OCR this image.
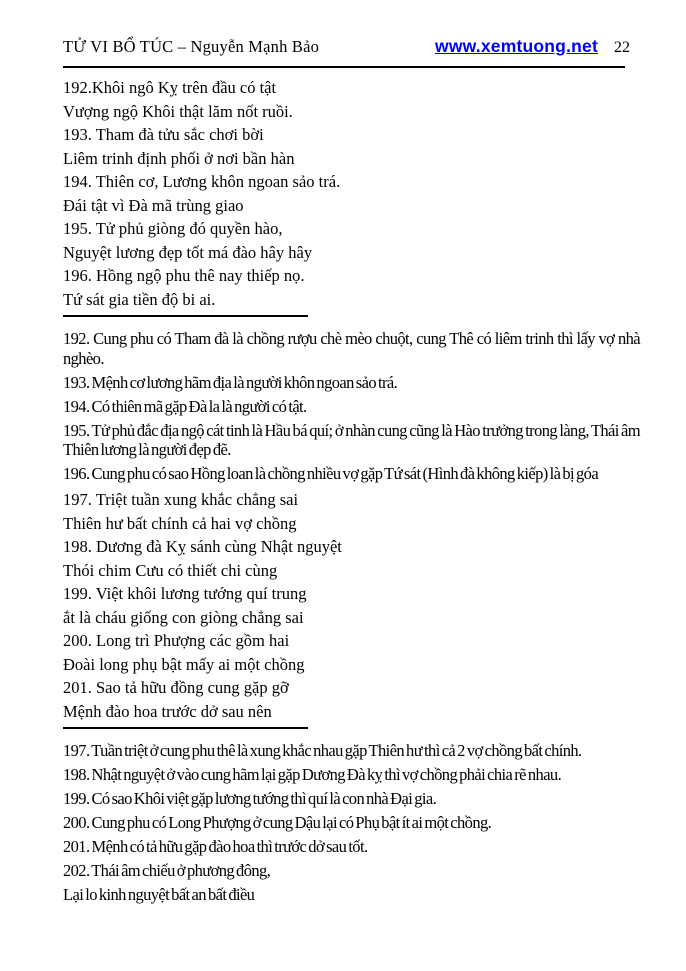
TỬ VI BỔ TÚC – Nguyễn Mạnh Bảo	www.xemtuong.net 22

192.Khôi ngô Kỵ trên đầu có tật

Vượng ngộ Khôi thật lăm nốt ruồi.

193. Tham đà tửu sắc chơi bời

Liêm trinh định phối ở nơi bần hàn

194. Thiên cơ, Lương khôn ngoan sảo trá.

Đái tật vì Đà mã trùng giao

195. Tử phủ giòng đó quyền hào,

Nguyệt lương đẹp tốt má đào hây hây

196. Hồng ngộ phu thê nay thiếp nọ.

Tứ sát gia tiền độ bi ai.

192. Cung phu có Tham đà là chồng rượu chè mèo chuột, cung Thê có liêm trinh thì lấy vợ nhà nghèo.

193. Mệnh cơ lương hãm địa là người khôn ngoan sảo trá.

194. Có thiên mã gặp Đà la là người có tật.

195. Tử phủ đắc địa ngộ cát tinh là Hầu bá quí; ở nhàn cung cũng là Hào trưởng trong làng, Thái âm Thiên lương là người đẹp đẽ.

196. Cung phu có sao Hồng loan là chồng nhiều vợ gặp Tứ sát (Hình đà không kiếp) là bị góa

197. Triệt tuần xung khắc chẳng sai

Thiên hư bất chính cả hai vợ chồng

198. Dương đà Kỵ sánh cùng Nhật nguyệt

Thói chim Cưu có thiết chi cùng

199. Việt khôi lương tướng quí trung

ắt là cháu giống con giòng chẳng sai

200. Long trì Phượng các gồm hai

Đoài long phụ bật mấy ai một chồng

201. Sao tả hữu đồng cung gặp gỡ

Mệnh đào hoa trước dở sau nên

197. Tuần triệt ở cung phu thê là xung khắc nhau gặp Thiên hư thì cả 2 vợ chồng bất chính.

198. Nhật nguyệt ở vào cung hãm lại gặp Dương Đà kỵ thì vợ chồng phải chia rẽ nhau.

199. Có sao Khôi việt gặp lương tướng thì quí là con nhà Đại gia.

200. Cung phu có Long Phượng ở cung Dậu lại có Phụ bật ít ai một chồng.

201. Mệnh có tả hữu gặp đào hoa thì trước dở sau tốt.

202. Thái âm chiếu ở phương đông,

Lại lo kinh nguyệt bất an bất điều
